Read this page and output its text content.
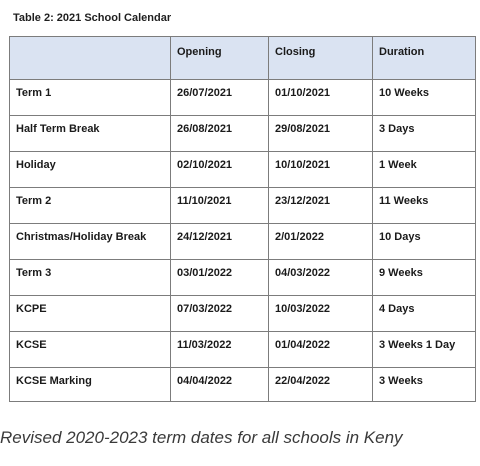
Table 2: 2021 School Calendar
	Opening	Closing	Duration
Term 1	26/07/2021	01/10/2021	10 Weeks
Half Term Break	26/08/2021	29/08/2021	3 Days
Holiday	02/10/2021	10/10/2021	1 Week
Term 2	11/10/2021	23/12/2021	11 Weeks
Christmas/Holiday Break	24/12/2021	2/01/2022	10 Days
Term 3	03/01/2022	04/03/2022	9 Weeks
KCPE	07/03/2022	10/03/2022	4 Days
KCSE	11/03/2022	01/04/2022	3 Weeks 1 Day
KCSE Marking	04/04/2022	22/04/2022	3 Weeks
Revised 2020-2023 term dates for all schools in Keny
